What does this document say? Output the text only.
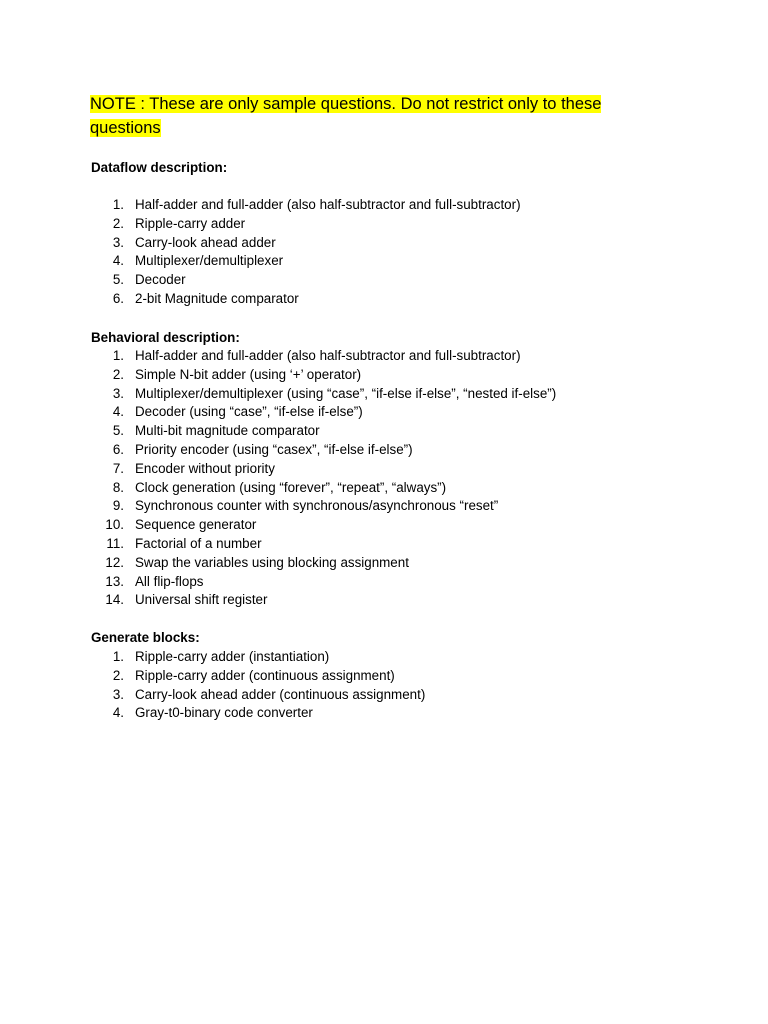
NOTE : These are only sample questions. Do not restrict only to these questions

Dataflow description:

1. Half-adder and full-adder (also half-subtractor and full-subtractor)
2. Ripple-carry adder
3. Carry-look ahead adder
4. Multiplexer/demultiplexer
5. Decoder
6. 2-bit Magnitude comparator

Behavioral description:

1. Half-adder and full-adder (also half-subtractor and full-subtractor)
2. Simple N-bit adder (using ‘+’ operator)
3. Multiplexer/demultiplexer (using “case”, “if-else if-else”, “nested if-else”)
4. Decoder (using “case”, “if-else if-else”)
5. Multi-bit magnitude comparator
6. Priority encoder (using “casex”, “if-else if-else”)
7. Encoder without priority
8. Clock generation (using “forever”, “repeat”, “always”)
9. Synchronous counter with synchronous/asynchronous “reset”
10. Sequence generator
11. Factorial of a number
12. Swap the variables using blocking assignment
13. All flip-flops
14. Universal shift register

Generate blocks:

1. Ripple-carry adder (instantiation)
2. Ripple-carry adder (continuous assignment)
3. Carry-look ahead adder (continuous assignment)
4. Gray-t0-binary code converter
